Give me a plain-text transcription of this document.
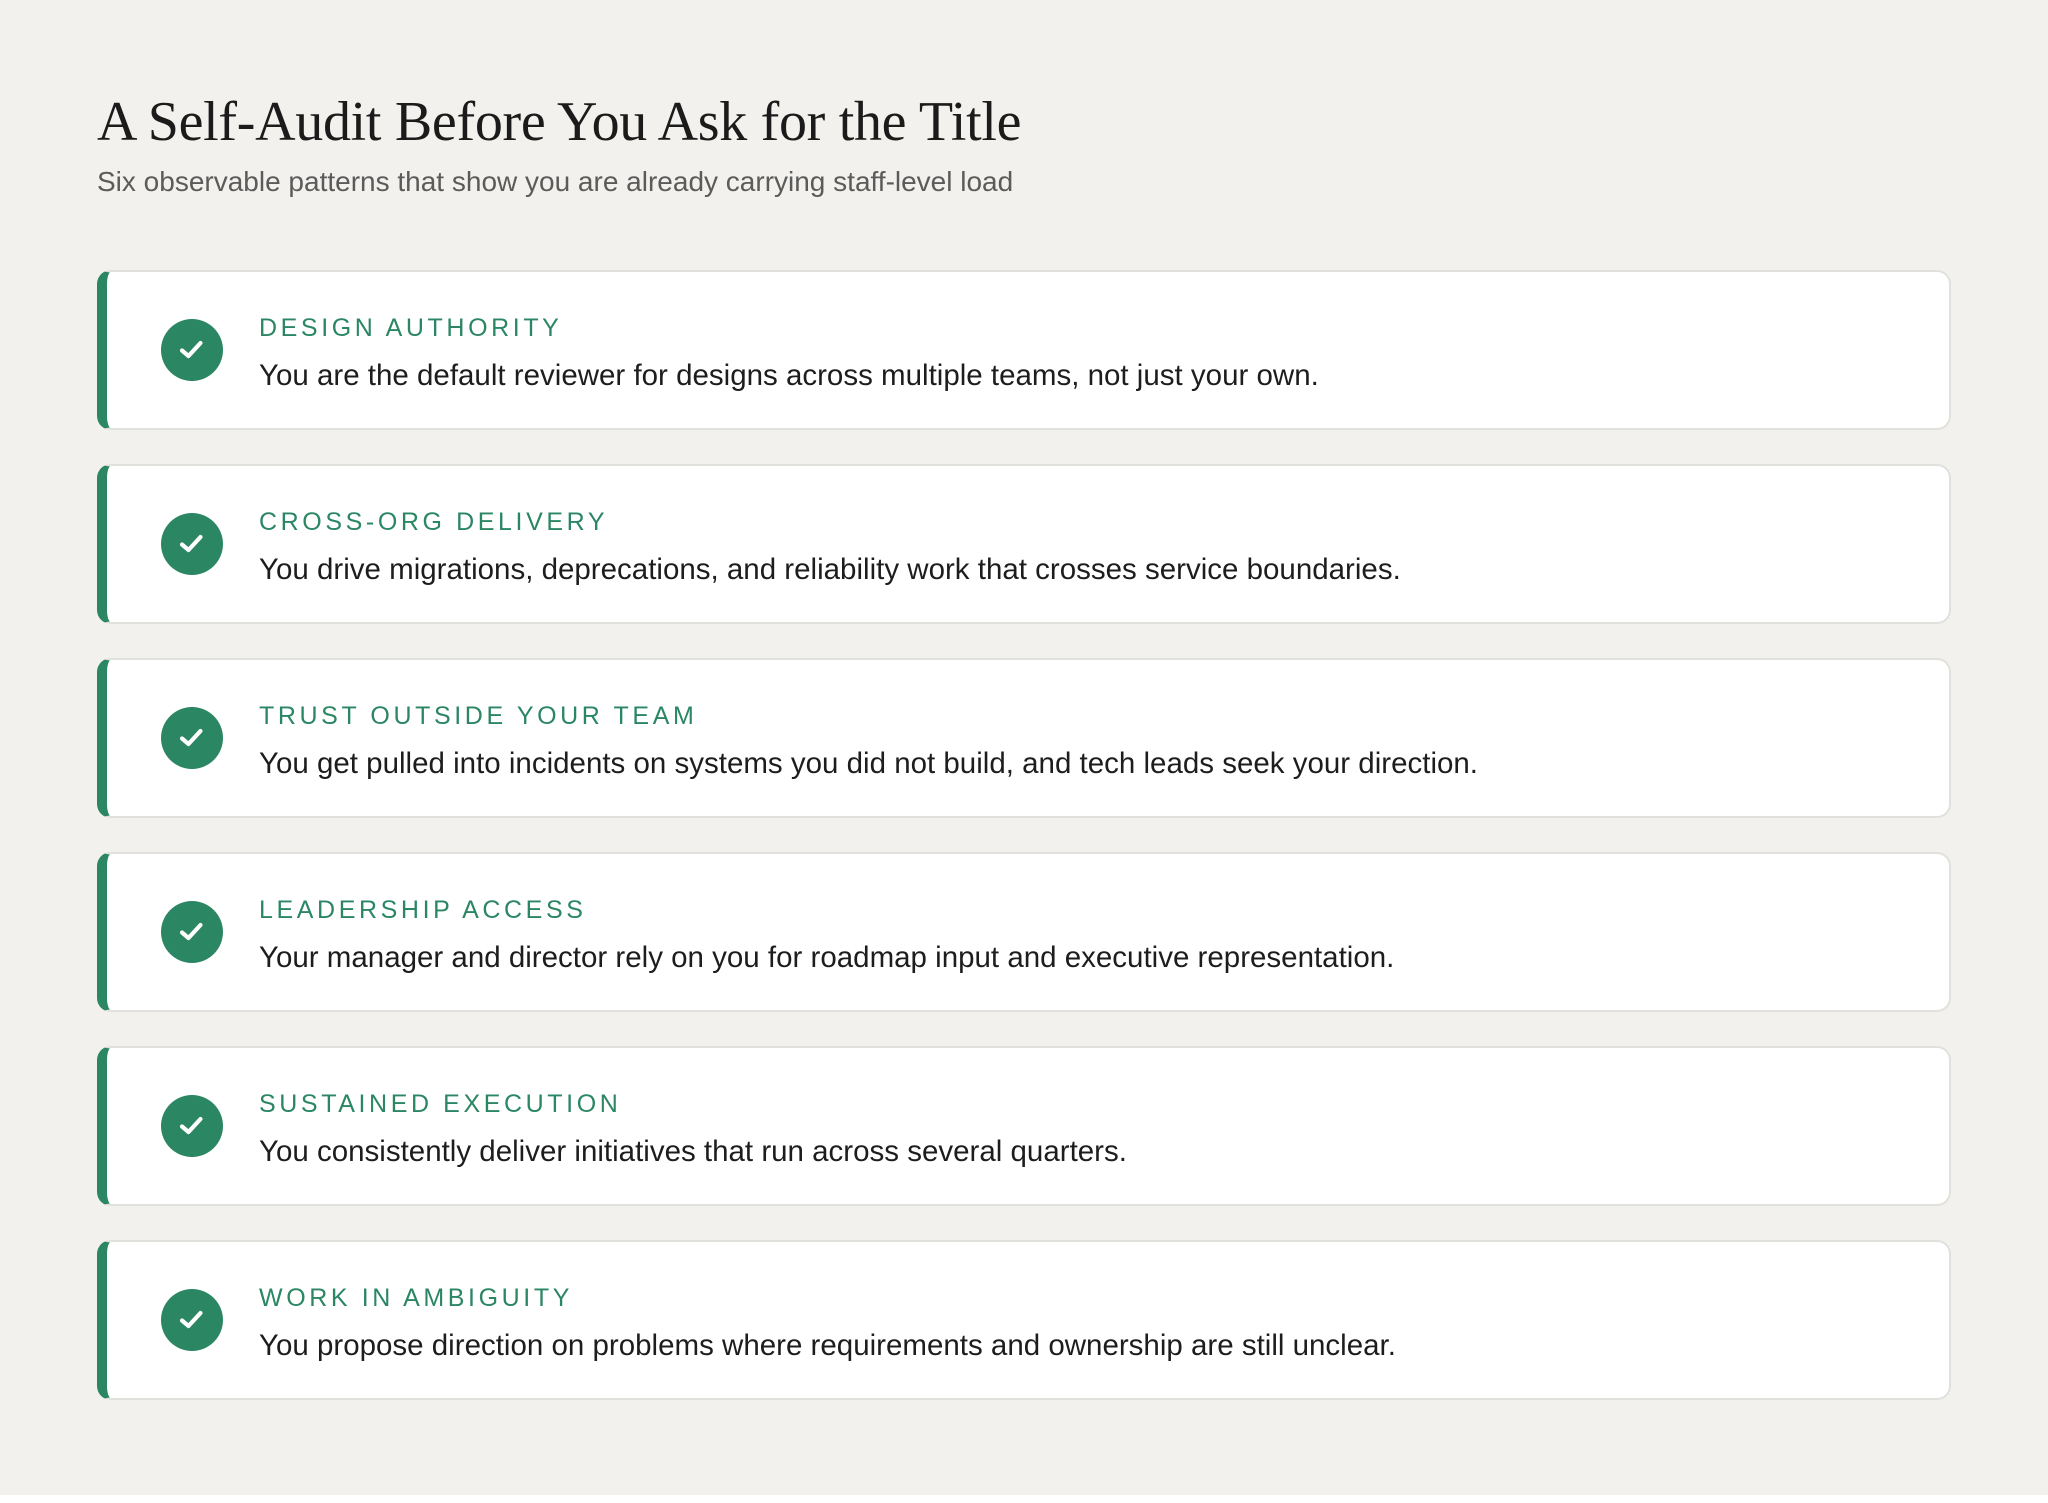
A Self-Audit Before You Ask for the Title

Six observable patterns that show you are already carrying staff-level load

DESIGN AUTHORITY
You are the default reviewer for designs across multiple teams, not just your own.
CROSS-ORG DELIVERY
You drive migrations, deprecations, and reliability work that crosses service boundaries.
TRUST OUTSIDE YOUR TEAM
You get pulled into incidents on systems you did not build, and tech leads seek your direction.
LEADERSHIP ACCESS
Your manager and director rely on you for roadmap input and executive representation.
SUSTAINED EXECUTION
You consistently deliver initiatives that run across several quarters.
WORK IN AMBIGUITY
You propose direction on problems where requirements and ownership are still unclear.
